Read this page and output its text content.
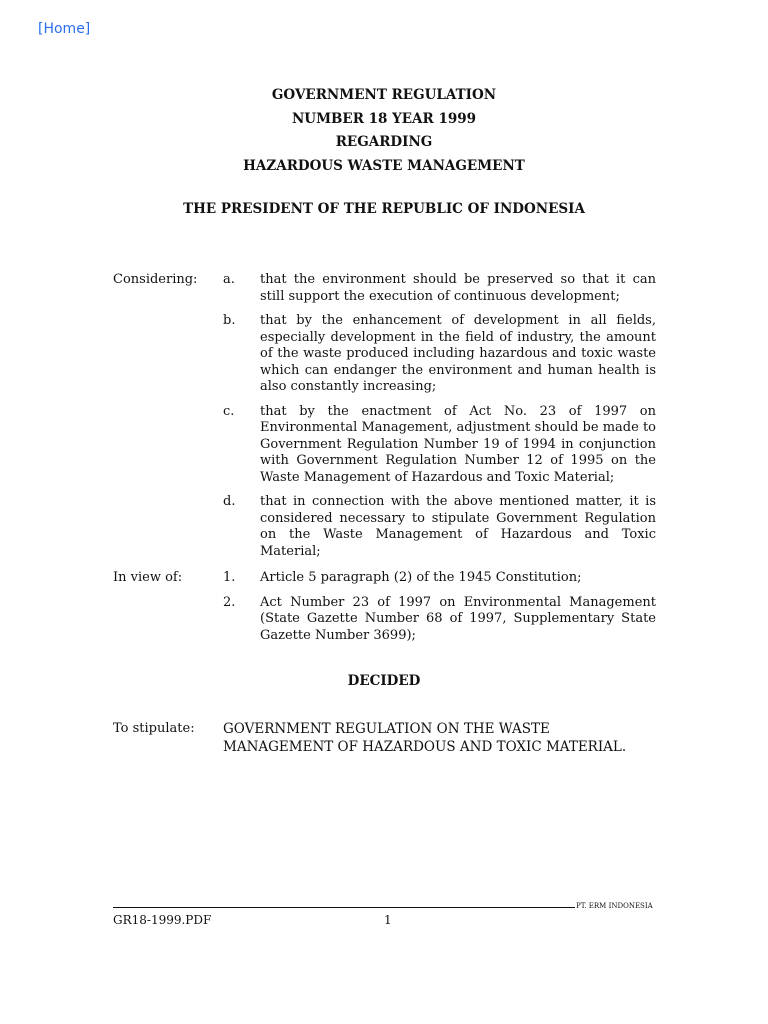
[Home]
GOVERNMENT REGULATION
NUMBER 18 YEAR 1999
REGARDING
HAZARDOUS WASTE MANAGEMENT
THE PRESIDENT OF THE REPUBLIC OF INDONESIA
Considering:	a.	that the environment should be preserved so that it can still support the execution of continuous development;
b.	that by the enhancement of development in all fields, especially development in the field of industry, the amount of the waste produced including hazardous and toxic waste which can endanger the environment and human health is also constantly increasing;
c.	that by the enactment of Act No. 23 of 1997 on Environmental Management, adjustment should be made to Government Regulation Number 19 of 1994 in conjunction with Government Regulation Number 12 of 1995 on the Waste Management of Hazardous and Toxic Material;
d.	that in connection with the above mentioned matter, it is considered necessary to stipulate Government Regulation on the Waste Management of Hazardous and Toxic Material;
In view of:	1.	Article 5 paragraph (2) of the 1945 Constitution;
2.	Act Number 23 of 1997 on Environmental Management (State Gazette Number 68 of 1997, Supplementary State Gazette Number 3699);
DECIDED
To stipulate:	GOVERNMENT REGULATION ON THE WASTE MANAGEMENT OF HAZARDOUS AND TOXIC MATERIAL.
PT. ERM INDONESIA
GR18-1999.PDF	1
